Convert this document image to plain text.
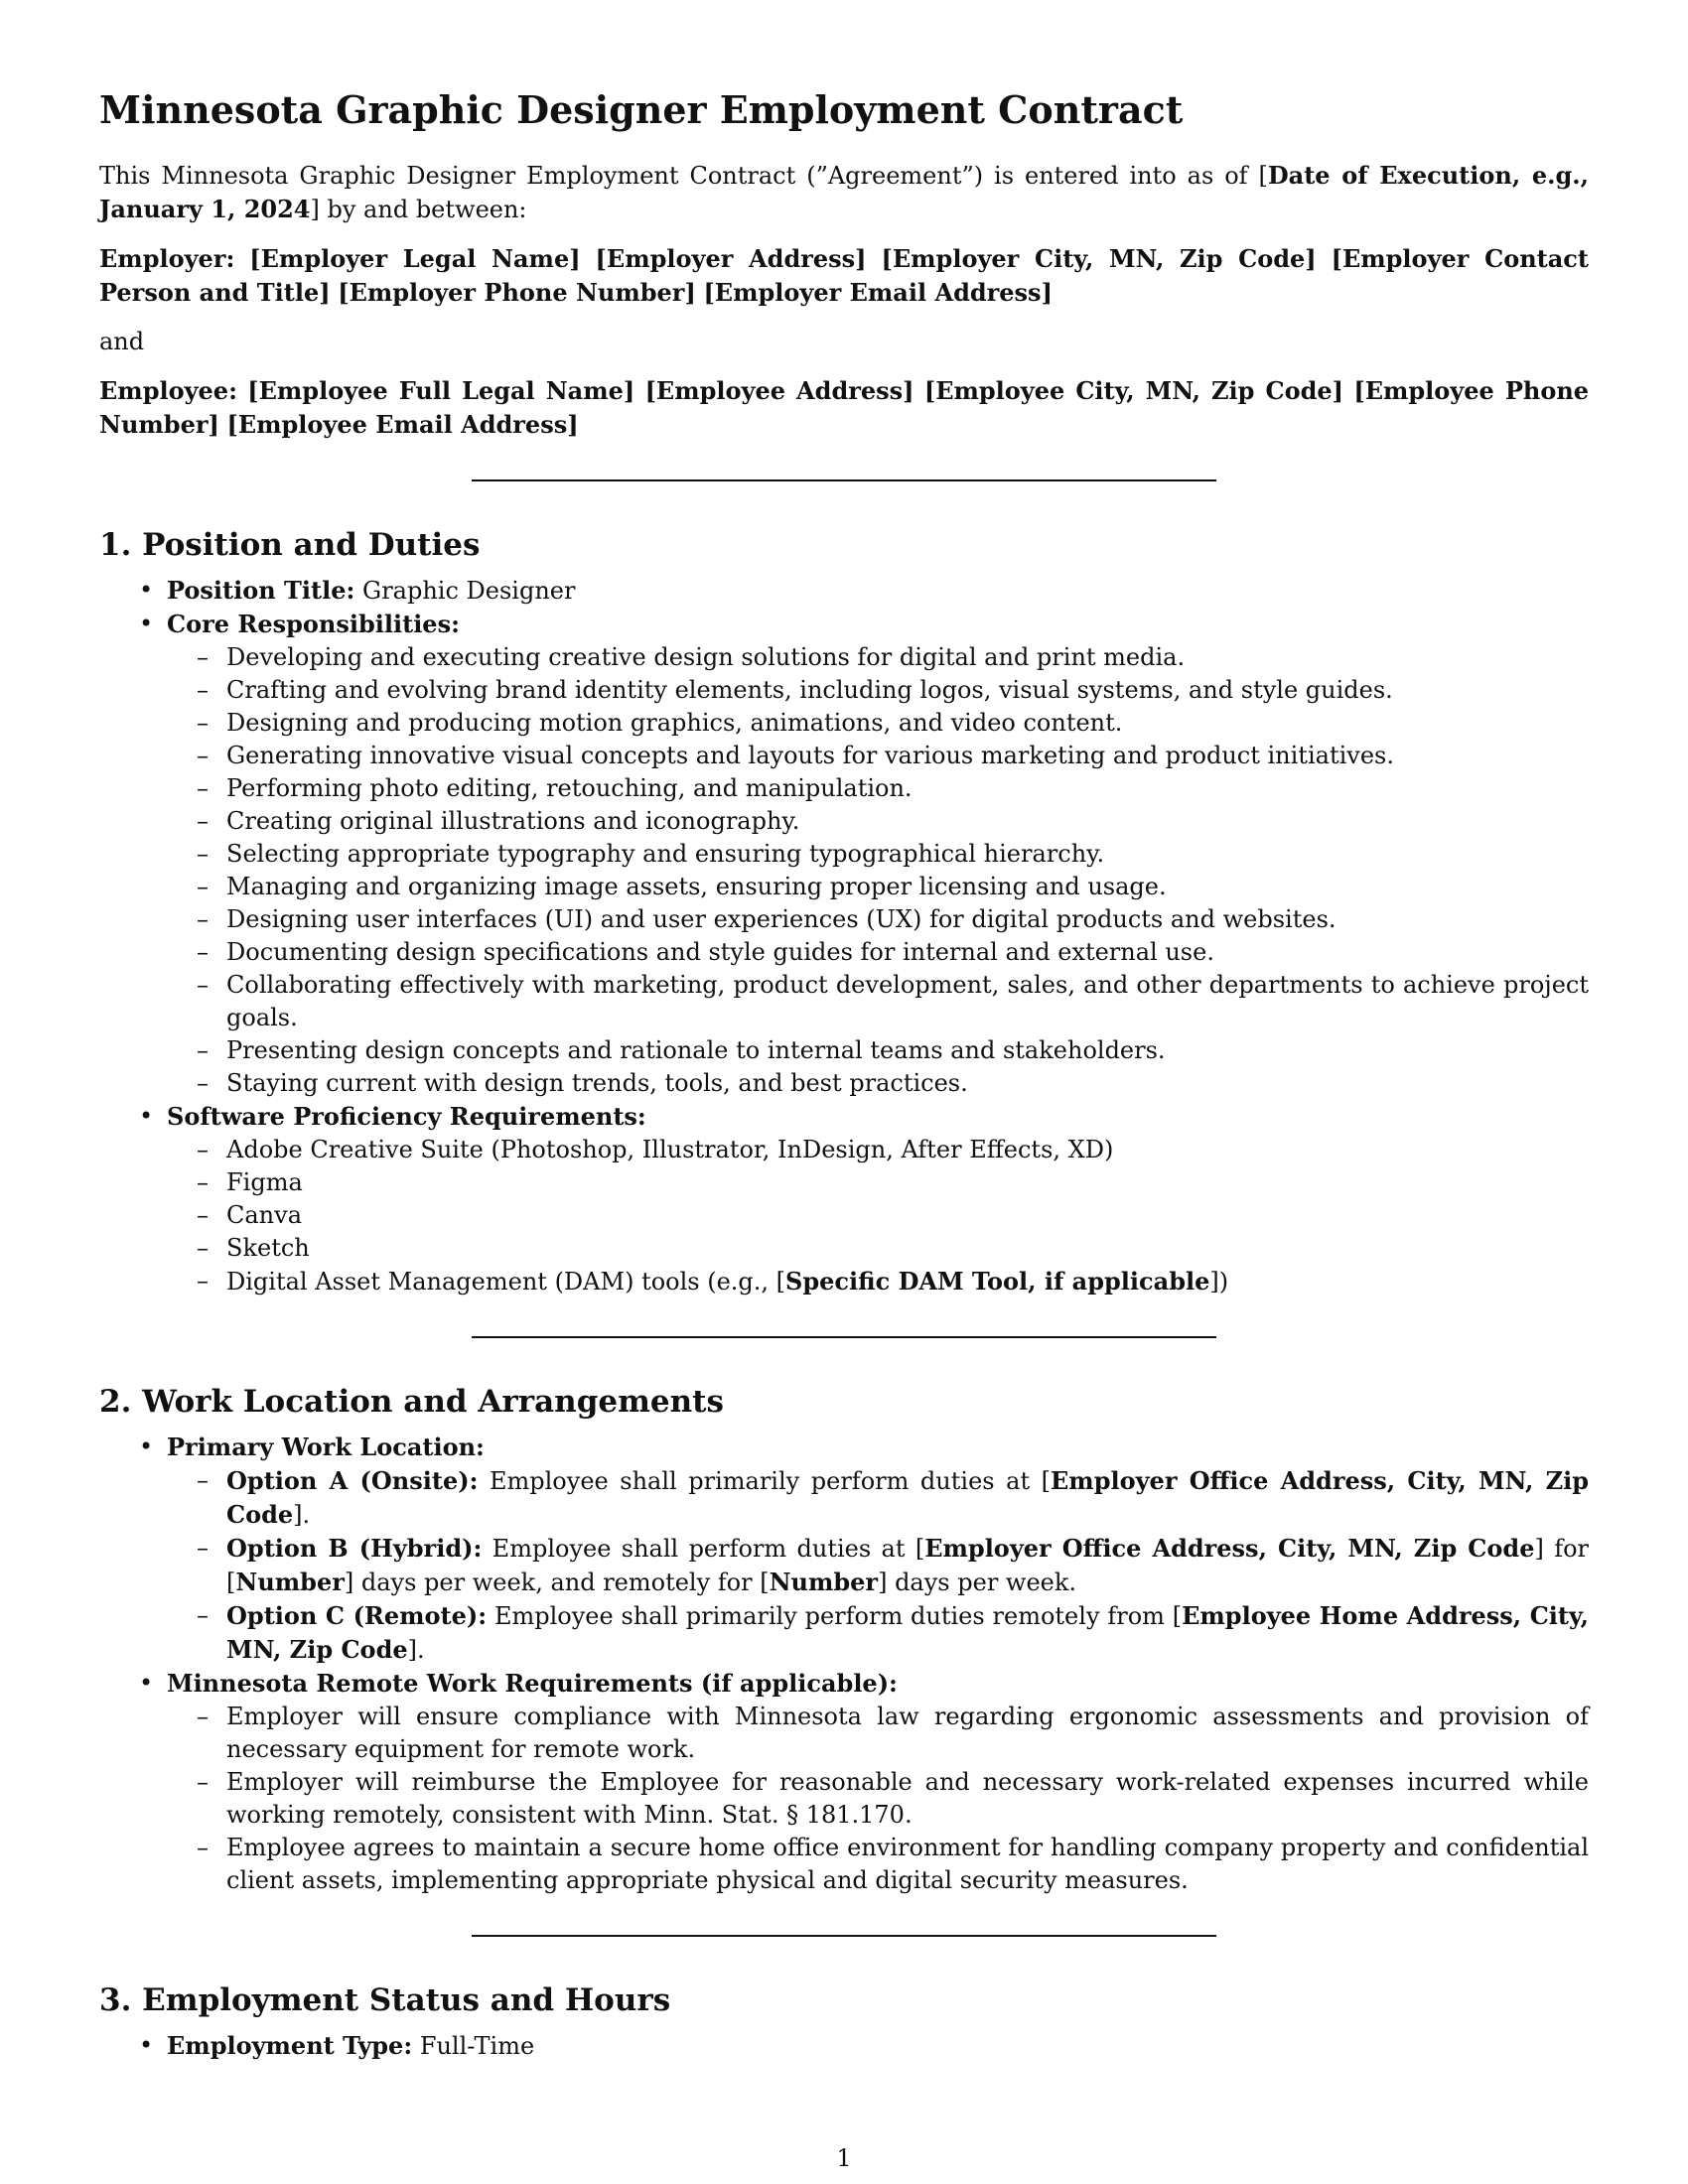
Minnesota Graphic Designer Employment Contract

This Minnesota Graphic Designer Employment Contract (”Agreement”) is entered into as of [Date of Execution, e.g., January 1, 2024] by and between:

Employer: [Employer Legal Name] [Employer Address] [Employer City, MN, Zip Code] [Employer Contact Person and Title] [Employer Phone Number] [Employer Email Address]

and

Employee: [Employee Full Legal Name] [Employee Address] [Employee City, MN, Zip Code] [Employee Phone Number] [Employee Email Address]

1. Position and Duties
• Position Title: Graphic Designer
• Core Responsibilities:
– Developing and executing creative design solutions for digital and print media.
– Crafting and evolving brand identity elements, including logos, visual systems, and style guides.
– Designing and producing motion graphics, animations, and video content.
– Generating innovative visual concepts and layouts for various marketing and product initiatives.
– Performing photo editing, retouching, and manipulation.
– Creating original illustrations and iconography.
– Selecting appropriate typography and ensuring typographical hierarchy.
– Managing and organizing image assets, ensuring proper licensing and usage.
– Designing user interfaces (UI) and user experiences (UX) for digital products and websites.
– Documenting design specifications and style guides for internal and external use.
– Collaborating effectively with marketing, product development, sales, and other departments to achieve project goals.
– Presenting design concepts and rationale to internal teams and stakeholders.
– Staying current with design trends, tools, and best practices.
• Software Proficiency Requirements:
– Adobe Creative Suite (Photoshop, Illustrator, InDesign, After Effects, XD)
– Figma
– Canva
– Sketch
– Digital Asset Management (DAM) tools (e.g., [Specific DAM Tool, if applicable])
2. Work Location and Arrangements
• Primary Work Location:
– Option A (Onsite): Employee shall primarily perform duties at [Employer Office Address, City, MN, Zip Code].
– Option B (Hybrid): Employee shall perform duties at [Employer Office Address, City, MN, Zip Code] for [Number] days per week, and remotely for [Number] days per week.
– Option C (Remote): Employee shall primarily perform duties remotely from [Employee Home Address, City, MN, Zip Code].
• Minnesota Remote Work Requirements (if applicable):
– Employer will ensure compliance with Minnesota law regarding ergonomic assessments and provision of necessary equipment for remote work.
– Employer will reimburse the Employee for reasonable and necessary work-related expenses incurred while working remotely, consistent with Minn. Stat. § 181.170.
– Employee agrees to maintain a secure home office environment for handling company property and confidential client assets, implementing appropriate physical and digital security measures.
3. Employment Status and Hours
• Employment Type: Full-Time
1
